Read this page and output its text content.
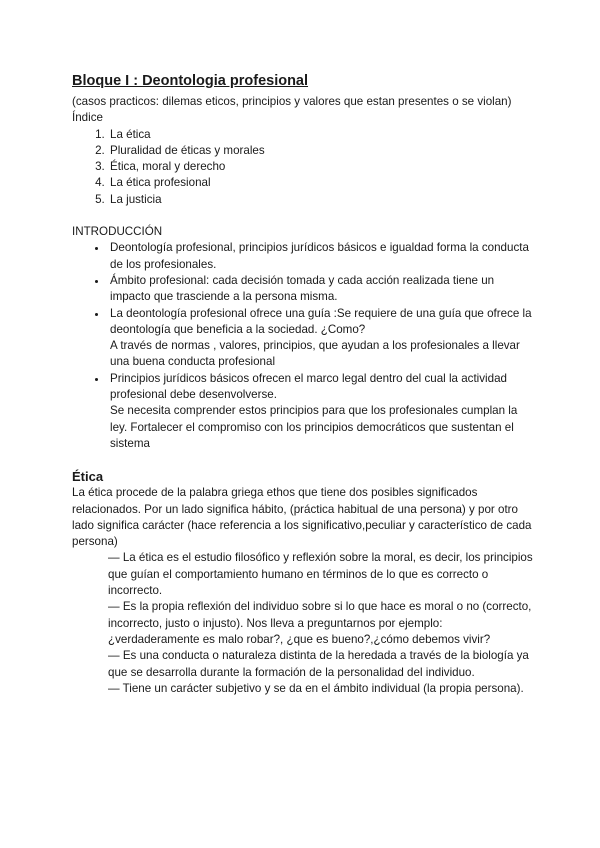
Bloque I : Deontologia profesional

(casos practicos: dilemas eticos, principios y valores que estan presentes o se violan)

Índice

1. La ética
2. Pluralidad de éticas y morales
3. Ética, moral y derecho
4. La ética profesional
5. La justicia

INTRODUCCIÓN

• Deontología profesional, principios jurídicos básicos e igualdad forma la conducta de los profesionales.
• Ámbito profesional: cada decisión tomada y cada acción realizada tiene un impacto que trasciende a la persona misma.
• La deontología profesional ofrece una guía :Se requiere de una guía que ofrece la deontología que beneficia a la sociedad. ¿Como?
A través de normas , valores, principios, que ayudan a los profesionales a llevar una buena conducta profesional
• Principios jurídicos básicos ofrecen el marco legal dentro del cual la actividad profesional debe desenvolverse.
Se necesita comprender estos principios para que los profesionales cumplan la ley. Fortalecer el compromiso con los principios democráticos que sustentan el sistema

Ética

La ética procede de la palabra griega ethos que tiene dos posibles significados relacionados. Por un lado significa hábito, (práctica habitual de una persona) y por otro lado significa carácter (hace referencia a los significativo,peculiar y característico de cada persona)

— La ética es el estudio filosófico y reflexión sobre la moral, es decir, los principios que guían el comportamiento humano en términos de lo que es correcto o incorrecto.
— Es la propia reflexión del individuo sobre si lo que hace es moral o no (correcto, incorrecto, justo o injusto). Nos lleva a preguntarnos por ejemplo: ¿verdaderamente es malo robar?, ¿que es bueno?,¿cómo debemos vivir?
— Es una conducta o naturaleza distinta de la heredada a través de la biología ya que se desarrolla durante la formación de la personalidad del individuo.
— Tiene un carácter subjetivo y se da en el ámbito individual (la propia persona).
